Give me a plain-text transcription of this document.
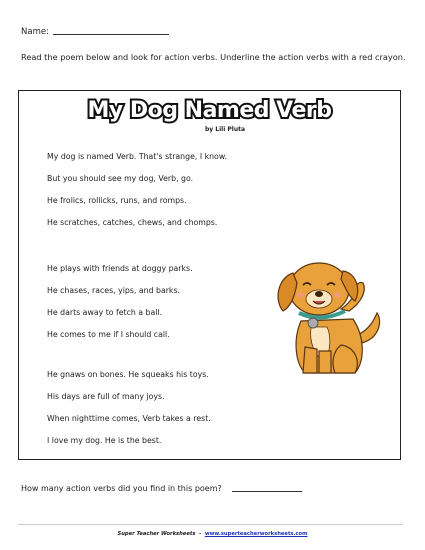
Name:
Read the poem below and look for action verbs. Underline the action verbs with a red crayon.
My Dog Named Verb
by Lili Pluta
My dog is named Verb. That's strange, I know.
But you should see my dog, Verb, go.
He frolics, rollicks, runs, and romps.
He scratches, catches, chews, and chomps.
He plays with friends at doggy parks.
He chases, races, yips, and barks.
He darts away to fetch a ball.
He comes to me if I should call.
He gnaws on bones. He squeaks his toys.
His days are full of many joys.
When nighttime comes, Verb takes a rest.
I love my dog. He is the best.
How many action verbs did you find in this poem?
Super Teacher Worksheets - www.superteacherworksheets.com
